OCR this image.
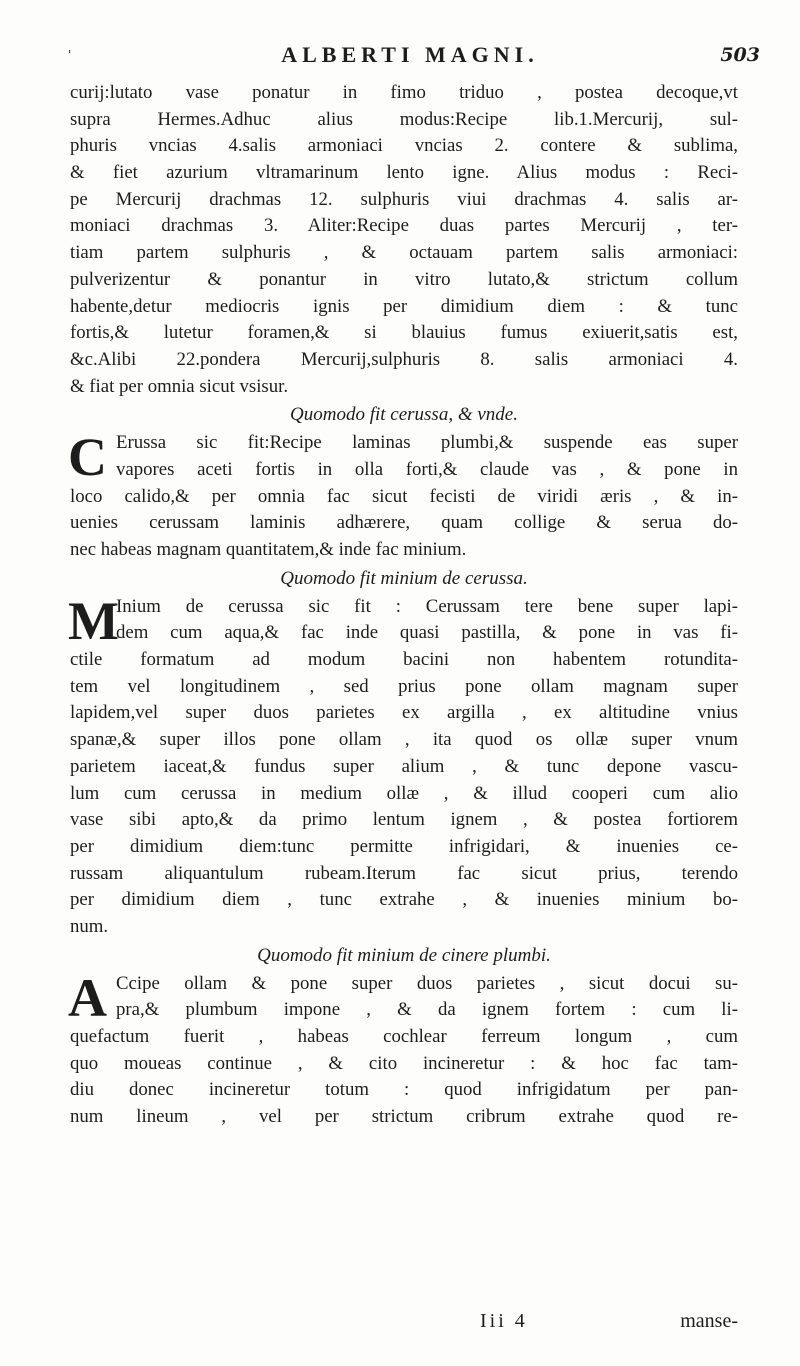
'	ALBERTI MAGNI.	503
curij:lutato vase ponatur in fimo triduo , postea decoque,vt
supra Hermes.Adhuc alius modus:Recipe lib.1.Mercurij, sul-
phuris vncias 4.salis armoniaci vncias 2. contere & sublima,
& fiet azurium vltramarinum lento igne. Alius modus : Reci-
pe Mercurij drachmas 12. sulphuris viui drachmas 4. salis ar-
moniaci drachmas 3. Aliter:Recipe duas partes Mercurij , ter-
tiam partem sulphuris , & octauam partem salis armoniaci:
pulverizentur & ponantur in vitro lutato,& strictum collum
habente,detur mediocris ignis per dimidium diem : & tunc
fortis,& lutetur foramen,& si blauius fumus exiuerit,satis est,
&c.Alibi 22.pondera Mercurij,sulphuris 8. salis armoniaci 4.
& fiat per omnia sicut vsisur.
Quomodo fit cerussa, & vnde.
C Erussa sic fit:Recipe laminas plumbi,& suspende eas super
vapores aceti fortis in olla forti,& claude vas , & pone in
loco calido,& per omnia fac sicut fecisti de viridi æris , & in-
uenies cerussam laminis adhærere, quam collige & serua do-
nec habeas magnam quantitatem,& inde fac minium.
Quomodo fit minium de cerussa.
M
Inium de cerussa sic fit : Cerussam tere bene super lapi-
dem cum aqua,& fac inde quasi pastilla, & pone in vas fi-
ctile formatum ad modum bacini non habentem rotundita-
tem vel longitudinem , sed prius pone ollam magnam super
lapidem,vel super duos parietes ex argilla , ex altitudine vnius
spanæ,& super illos pone ollam , ita quod os ollæ super vnum
parietem iaceat,& fundus super alium , & tunc depone vascu-
lum cum cerussa in medium ollæ , & illud cooperi cum alio
vase sibi apto,& da primo lentum ignem , & postea fortiorem
per dimidium diem:tunc permitte infrigidari, & inuenies ce-
russam aliquantulum rubeam.Iterum fac sicut prius, terendo
per dimidium diem , tunc extrahe , & inuenies minium bo-
num.
Quomodo fit minium de cinere plumbi.
A Ccipe ollam & pone super duos parietes , sicut docui su-
pra,& plumbum impone , & da ignem fortem : cum li-
quefactum fuerit , habeas cochlear ferreum longum , cum
quo moueas continue , & cito incineretur : & hoc fac tam-
diu donec incineretur totum : quod infrigidatum per pan-
num lineum , vel per strictum cribrum extrahe quod re-
Iii 4	manse-
